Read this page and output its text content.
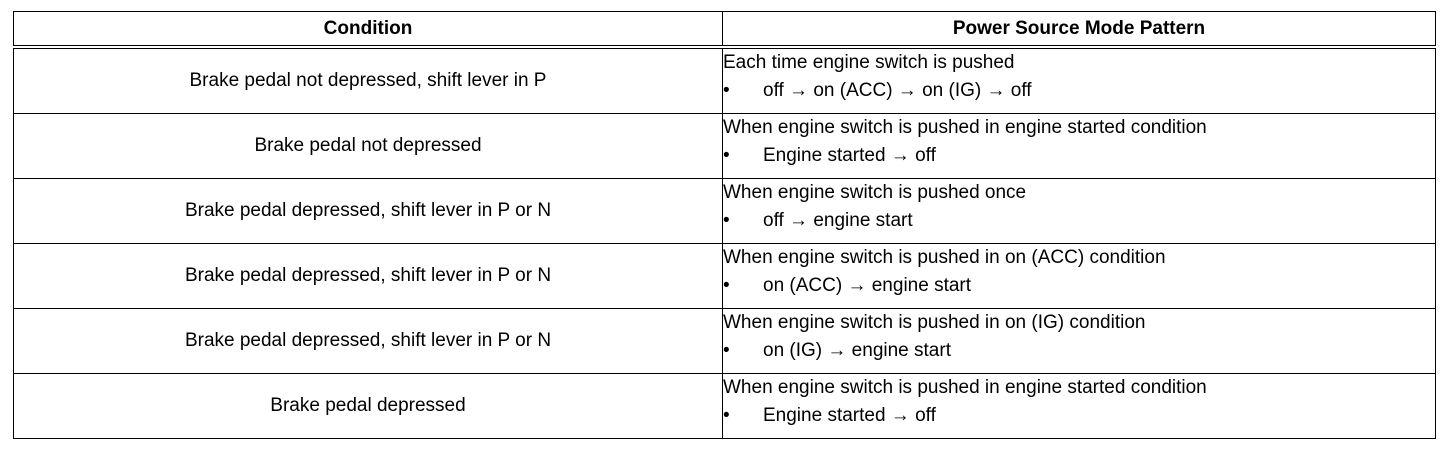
Condition	Power Source Mode Pattern
Brake pedal not depressed, shift lever in P	Each time engine switch is pushed
• off → on (ACC) → on (IG) → off

Brake pedal not depressed	When engine switch is pushed in engine started condition
• Engine started → off

Brake pedal depressed, shift lever in P or N	When engine switch is pushed once
• off → engine start

Brake pedal depressed, shift lever in P or N	When engine switch is pushed in on (ACC) condition
• on (ACC) → engine start

Brake pedal depressed, shift lever in P or N	When engine switch is pushed in on (IG) condition
• on (IG) → engine start

Brake pedal depressed	When engine switch is pushed in engine started condition
• Engine started → off
